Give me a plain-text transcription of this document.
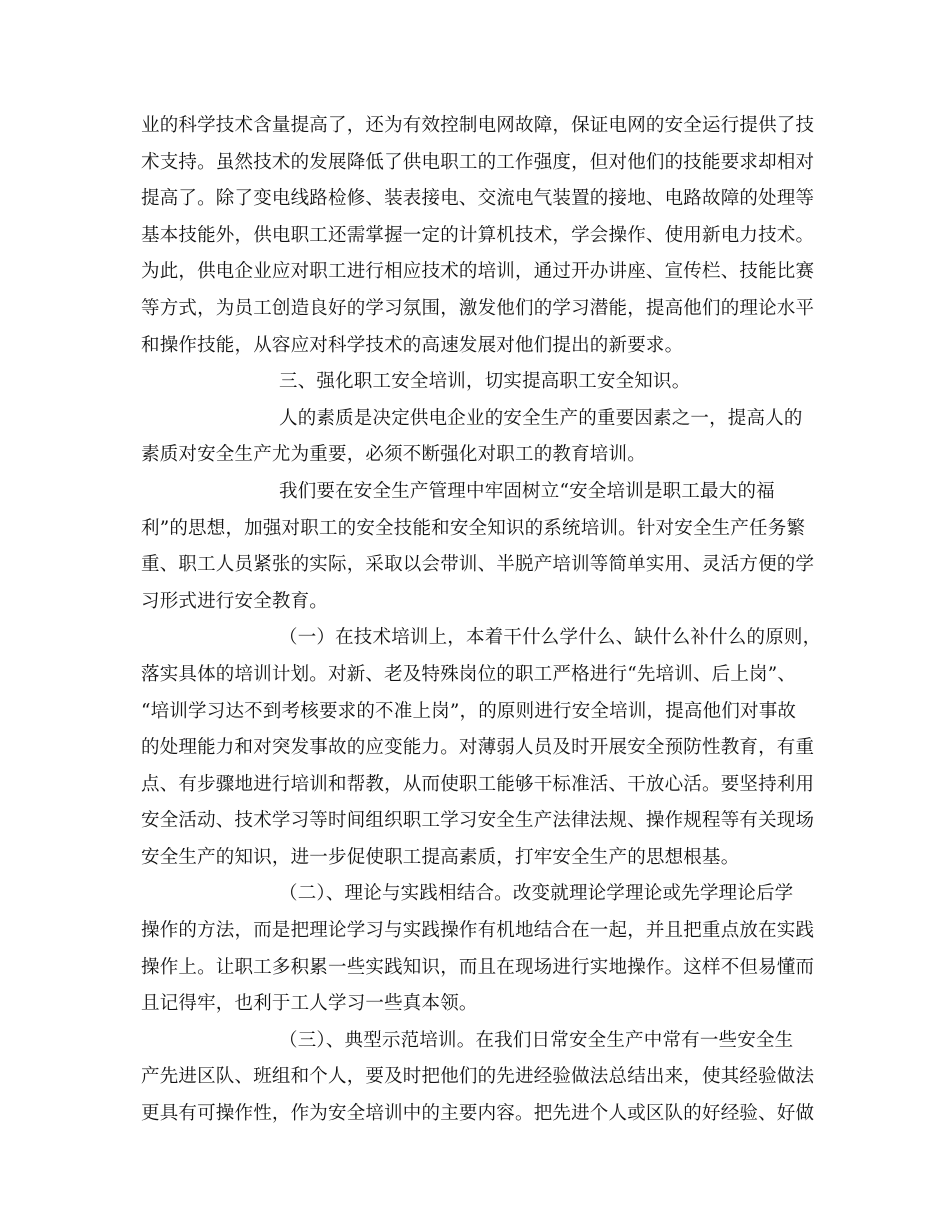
业的科学技术含量提高了，还为有效控制电网故障，保证电网的安全运行提供了技
术支持。虽然技术的发展降低了供电职工的工作强度，但对他们的技能要求却相对
提高了。除了变电线路检修、装表接电、交流电气装置的接地、电路故障的处理等
基本技能外，供电职工还需掌握一定的计算机技术，学会操作、使用新电力技术。
为此，供电企业应对职工进行相应技术的培训，通过开办讲座、宣传栏、技能比赛
等方式，为员工创造良好的学习氛围，激发他们的学习潜能，提高他们的理论水平
和操作技能，从容应对科学技术的高速发展对他们提出的新要求。
三、强化职工安全培训，切实提高职工安全知识。
人的素质是决定供电企业的安全生产的重要因素之一，提高人的
素质对安全生产尤为重要，必须不断强化对职工的教育培训。
我们要在安全生产管理中牢固树立“安全培训是职工最大的福
利”的思想，加强对职工的安全技能和安全知识的系统培训。针对安全生产任务繁
重、职工人员紧张的实际，采取以会带训、半脱产培训等简单实用、灵活方便的学
习形式进行安全教育。
（一）在技术培训上，本着干什么学什么、缺什么补什么的原则，
落实具体的培训计划。对新、老及特殊岗位的职工严格进行“先培训、后上岗”、
“培训学习达不到考核要求的不准上岗”，的原则进行安全培训，提高他们对事故
的处理能力和对突发事故的应变能力。对薄弱人员及时开展安全预防性教育，有重
点、有步骤地进行培训和帮教，从而使职工能够干标准活、干放心活。要坚持利用
安全活动、技术学习等时间组织职工学习安全生产法律法规、操作规程等有关现场
安全生产的知识，进一步促使职工提高素质，打牢安全生产的思想根基。
（二）、理论与实践相结合。改变就理论学理论或先学理论后学
操作的方法，而是把理论学习与实践操作有机地结合在一起，并且把重点放在实践
操作上。让职工多积累一些实践知识，而且在现场进行实地操作。这样不但易懂而
且记得牢，也利于工人学习一些真本领。
（三）、典型示范培训。在我们日常安全生产中常有一些安全生
产先进区队、班组和个人，要及时把他们的先进经验做法总结出来，使其经验做法
更具有可操作性，作为安全培训中的主要内容。把先进个人或区队的好经验、好做
